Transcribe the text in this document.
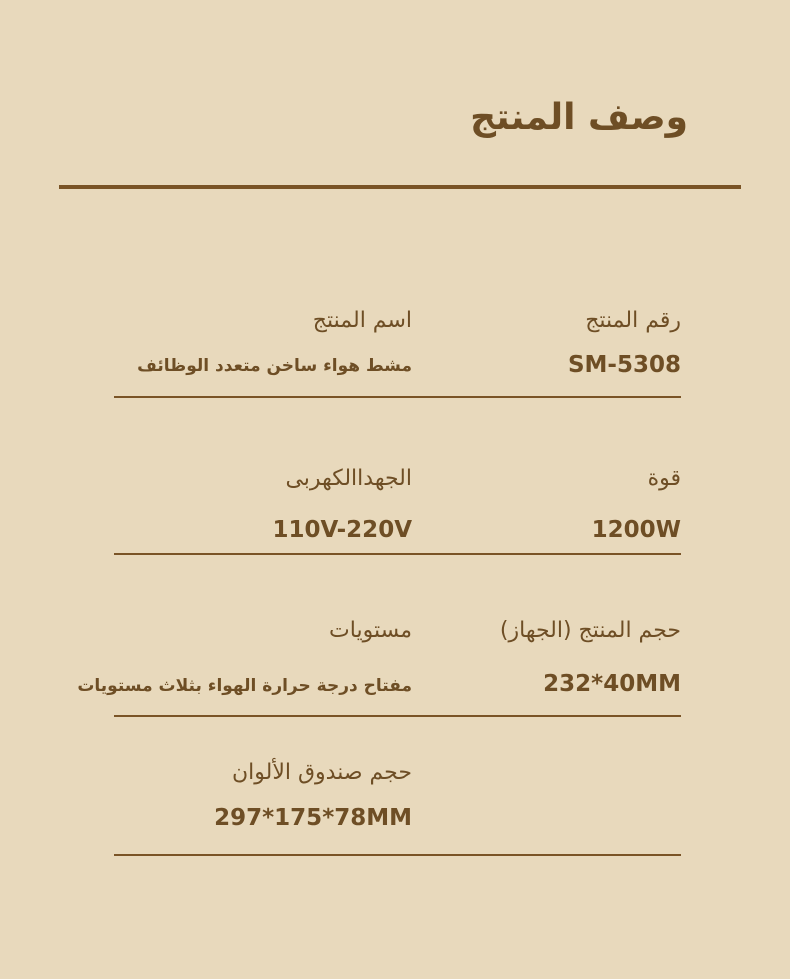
وصف المنتج
رقم المنتج
SM-5308
اسم المنتج
مشط هواء ساخن متعدد الوظائف
قوة
1200W
الجهداالكهربى
110V-220V
حجم المنتج (الجهاز)
232*40MM
مستويات
مفتاح درجة حرارة الهواء بثلاث مستويات
حجم صندوق الألوان
297*175*78MM
